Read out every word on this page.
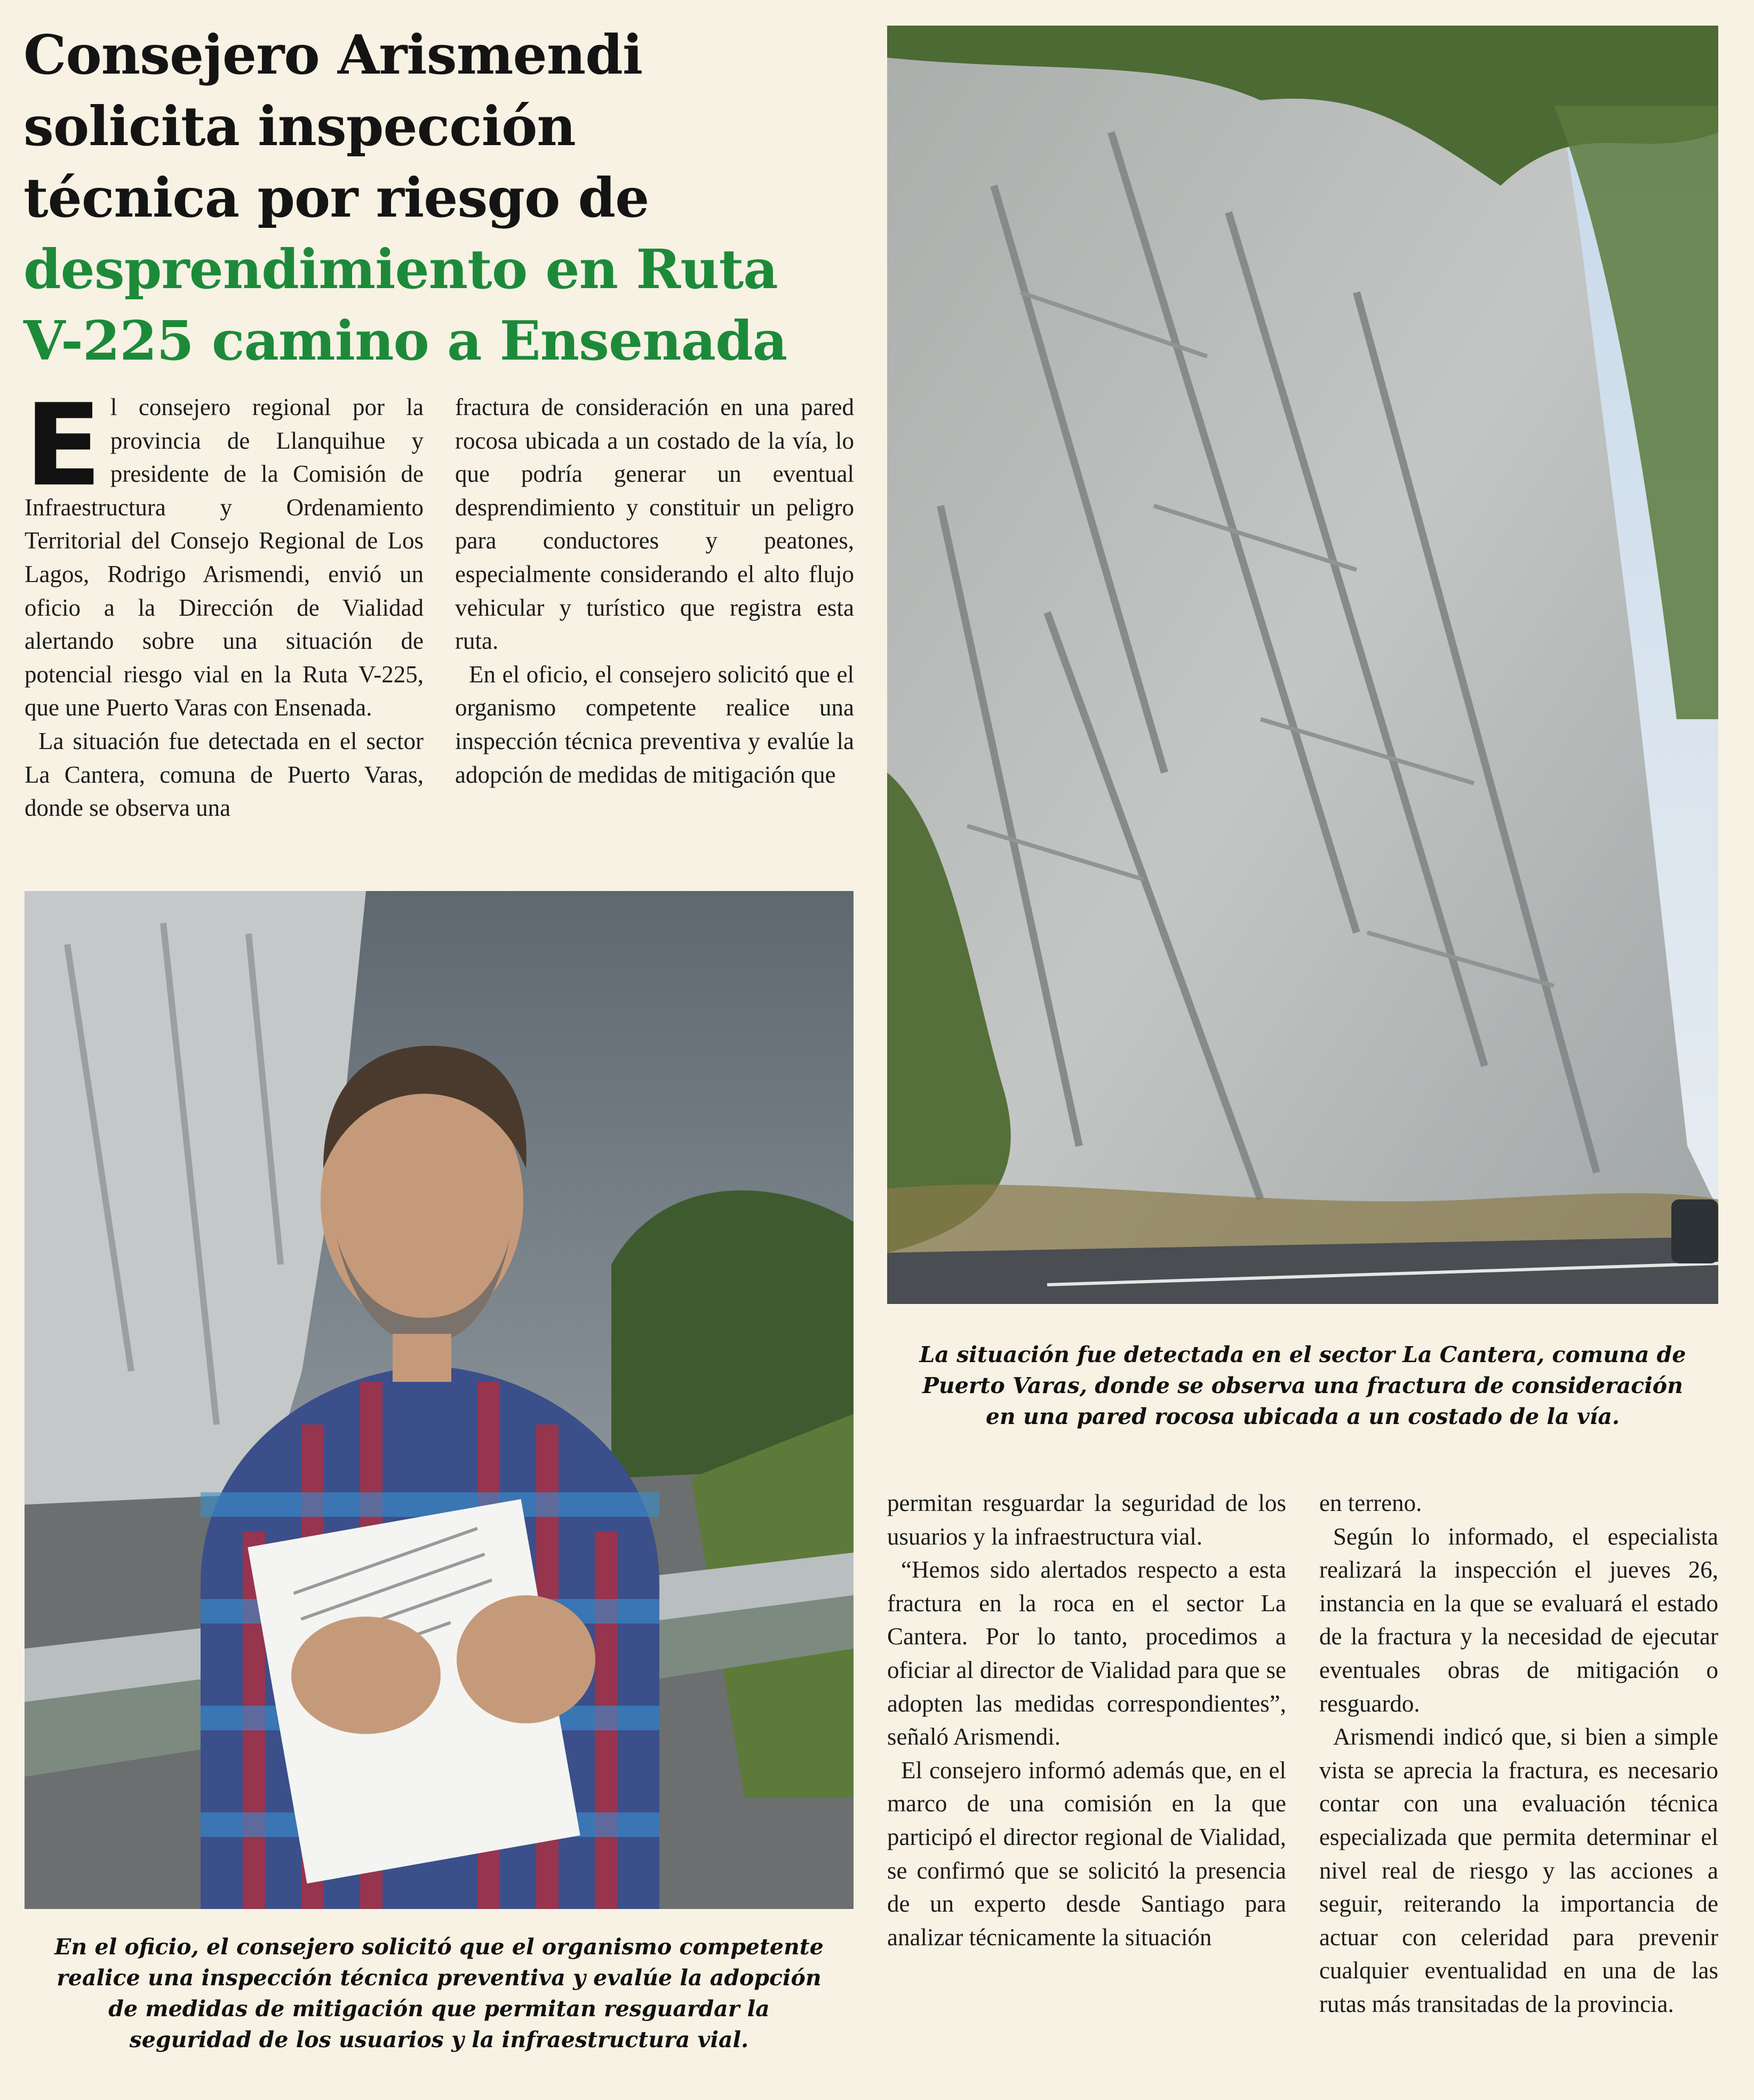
Consejero Arismendi
solicita inspección
técnica por riesgo de
desprendimiento en Ruta
V-225 camino a Ensenada
E l consejero regional por la provincia de Llanquihue y presidente de la Comisión de Infraestructura y Ordenamiento Territorial del Consejo Regional de Los Lagos, Rodrigo Arismendi, envió un oficio a la Dirección de Vialidad alertando sobre una situación de potencial riesgo vial en la Ruta V-225, que une Puerto Varas con Ensenada.

La situación fue detectada en el sector La Cantera, comuna de Puerto Varas, donde se observa una

fractura de consideración en una pared rocosa ubicada a un costado de la vía, lo que podría generar un eventual desprendimiento y constituir un peligro para conductores y peatones, especialmente considerando el alto flujo vehicular y turístico que registra esta ruta.

En el oficio, el consejero solicitó que el organismo competente realice una inspección técnica preventiva y evalúe la adopción de medidas de mitigación que

La situación fue detectada en el sector La Cantera, comuna de
Puerto Varas, donde se observa una fractura de consideración
en una pared rocosa ubicada a un costado de la vía.

En el oficio, el consejero solicitó que el organismo competente
realice una inspección técnica preventiva y evalúe la adopción
de medidas de mitigación que permitan resguardar la
seguridad de los usuarios y la infraestructura vial.

permitan resguardar la seguridad de los usuarios y la infraestructura vial.

“Hemos sido alertados respecto a esta fractura en la roca en el sector La Cantera. Por lo tanto, procedimos a oficiar al director de Vialidad para que se adopten las medidas correspondientes”, señaló Arismendi.

El consejero informó además que, en el marco de una comisión en la que participó el director regional de Vialidad, se confirmó que se solicitó la presencia de un experto desde Santiago para analizar técnicamente la situación

en terreno.

Según lo informado, el especialista realizará la inspección el jueves 26, instancia en la que se evaluará el estado de la fractura y la necesidad de ejecutar eventuales obras de mitigación o resguardo.

Arismendi indicó que, si bien a simple vista se aprecia la fractura, es necesario contar con una evaluación técnica especializada que permita determinar el nivel real de riesgo y las acciones a seguir, reiterando la importancia de actuar con celeridad para prevenir cualquier eventualidad en una de las rutas más transitadas de la provincia.
